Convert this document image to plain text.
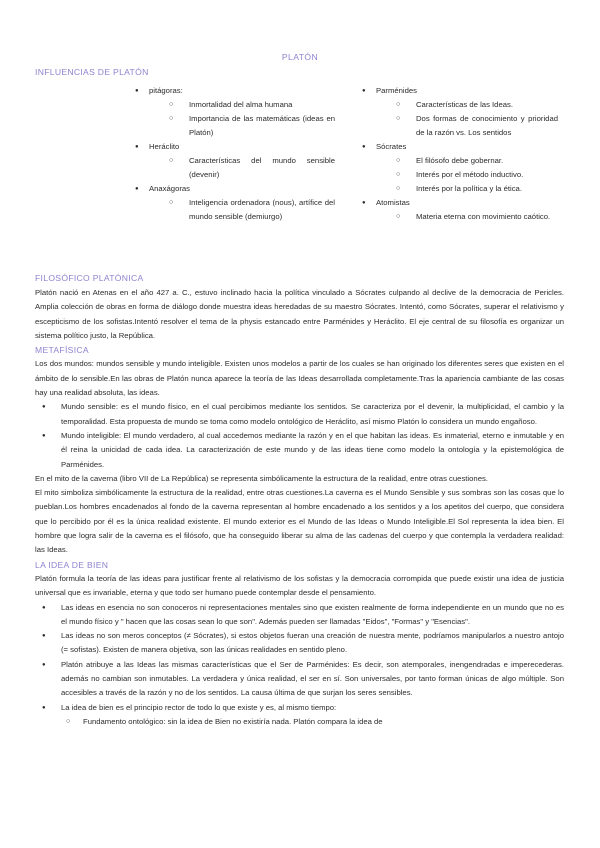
PLATÓN
INFLUENCIAS DE PLATÓN
● pitágoras:
○ Inmortalidad del alma humana
○ Importancia de las matemáticas (ideas en Platón)
● Heráclito
○ Características del mundo sensible (devenir)
● Anaxágoras
○ Inteligencia ordenadora (nous), artífice del mundo sensible (demiurgo)
● Parménides
○ Características de las Ideas.
○ Dos formas de conocimiento y prioridad de la razón vs. Los sentidos
● Sócrates
○ El filósofo debe gobernar.
○ Interés por el método inductivo.
○ Interés por la política y la ética.
● Atomistas
○ Materia eterna con movimiento caótico.
FILOSÓFICO PLATÓNICA

Platón nació en Atenas en el año 427 a. C., estuvo inclinado hacia la política vinculado a Sócrates culpando al declive de la democracia de Pericles. Amplia colección de obras en forma de diálogo donde muestra ideas heredadas de su maestro Sócrates. Intentó, como Sócrates, superar el relativismo y escepticismo de los sofistas.Intentó resolver el tema de la physis estancado entre Parménides y Heráclito. El eje central de su filosofía es organizar un sistema político justo, la República.

METAFÍSICA

Los dos mundos: mundos sensible y mundo inteligible. Existen unos modelos a partir de los cuales se han originado los diferentes seres que existen en el ámbito de lo sensible.En las obras de Platón nunca aparece la teoría de las Ideas desarrollada completamente.Tras la apariencia cambiante de las cosas hay una realidad absoluta, las ideas.

● Mundo sensible: es el mundo físico, en el cual percibimos mediante los sentidos. Se caracteriza por el devenir, la multiplicidad, el cambio y la temporalidad. Esta propuesta de mundo se toma como modelo ontológico de Heráclito, así mismo Platón lo considera un mundo engañoso.
● Mundo inteligible: El mundo verdadero, al cual accedemos mediante la razón y en el que habitan las ideas. Es inmaterial, eterno e inmutable y en él reina la unicidad de cada idea. La caracterización de este mundo y de las ideas tiene como modelo la ontología y la epistemológica de Parménides.

En el mito de la caverna (libro VII de La República) se representa simbólicamente la estructura de la realidad, entre otras cuestiones.

El mito simboliza simbólicamente la estructura de la realidad, entre otras cuestiones.La caverna es el Mundo Sensible y sus sombras son las cosas que lo pueblan.Los hombres encadenados al fondo de la caverna representan al hombre encadenado a los sentidos y a los apetitos del cuerpo, que considera que lo percibido por él es la única realidad existente. El mundo exterior es el Mundo de las Ideas o Mundo Inteligible.El Sol representa la idea bien. El hombre que logra salir de la caverna es el filósofo, que ha conseguido liberar su alma de las cadenas del cuerpo y que contempla la verdadera realidad: las Ideas.

LA IDEA DE BIEN

Platón formula la teoría de las ideas para justificar frente al relativismo de los sofistas y la democracia corrompida que puede existir una idea de justicia universal que es invariable, eterna y que todo ser humano puede contemplar desde el pensamiento.

● Las ideas en esencia no son conoceros ni representaciones mentales sino que existen realmente de forma independiente en un mundo que no es el mundo físico y " hacen que las cosas sean lo que son". Además pueden ser llamadas "Eidos", "Formas" y "Esencias".
● Las ideas no son meros conceptos (≠ Sócrates), si estos objetos fueran una creación de nuestra mente, podríamos manipularlos a nuestro antojo (= sofistas). Existen de manera objetiva, son las únicas realidades en sentido pleno.
● Platón atribuye a las Ideas las mismas características que el Ser de Parménides: Es decir, son atemporales, inengendradas e imperecederas. además no cambian son inmutables. La verdadera y única realidad, el ser en sí. Son universales, por tanto forman únicas de algo múltiple. Son accesibles a través de la razón y no de los sentidos. La causa última de que surjan los seres sensibles.
● La idea de bien es el principio rector de todo lo que existe y es, al mismo tiempo:
○ Fundamento ontológico: sin la idea de Bien no existiría nada. Platón compara la idea de
